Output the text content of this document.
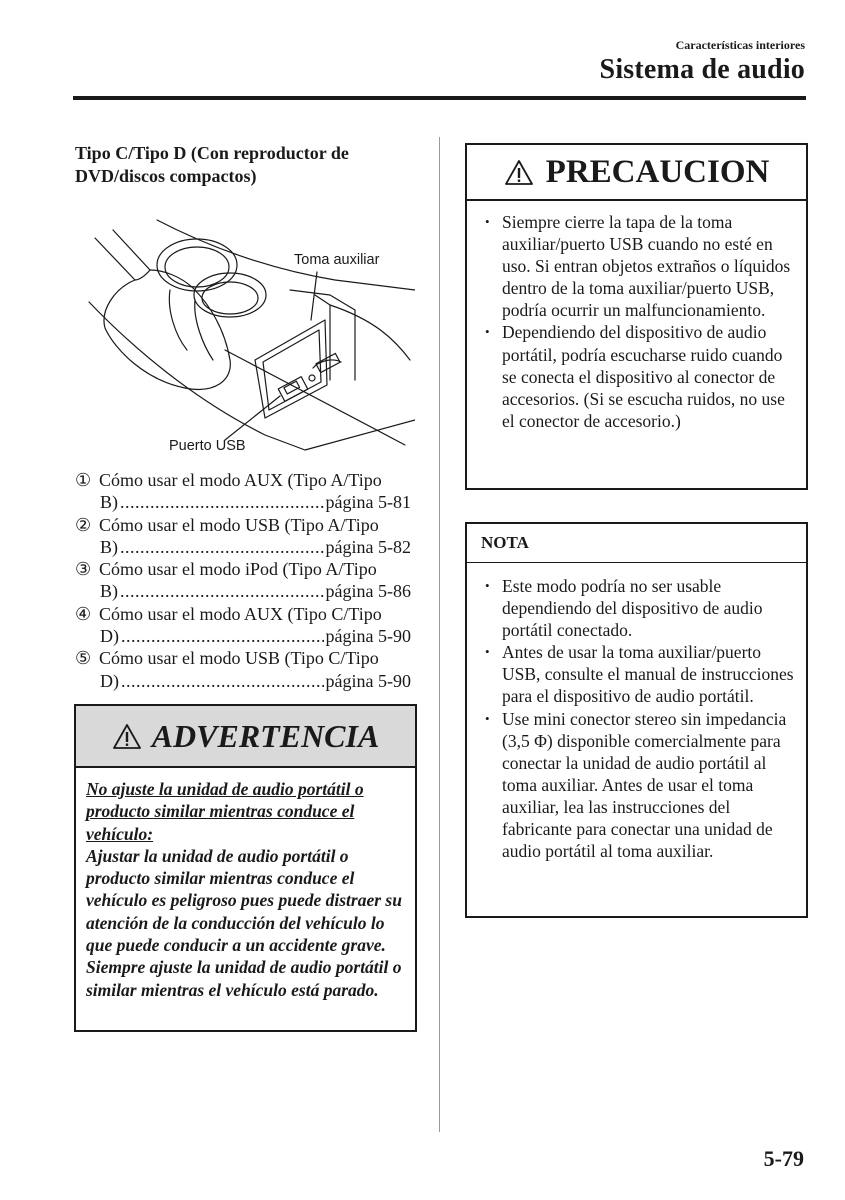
Características interiores
Sistema de audio
Tipo C/Tipo D (Con reproductor de DVD/discos compactos)
Toma auxiliar
Puerto USB
① Cómo usar el modo AUX (Tipo A/Tipo
B) .....	página 5-81
② Cómo usar el modo USB (Tipo A/Tipo
B) .....	página 5-82
③ Cómo usar el modo iPod (Tipo A/Tipo
B) .....	página 5-86
④ Cómo usar el modo AUX (Tipo C/Tipo
D) .....	página 5-90
⑤ Cómo usar el modo USB (Tipo C/Tipo
D) .....	página 5-90
ADVERTENCIA
No ajuste la unidad de audio portátil o producto similar mientras conduce el vehículo:
Ajustar la unidad de audio portátil o producto similar mientras conduce el vehículo es peligroso pues puede distraer su atención de la conducción del vehículo lo que puede conducir a un accidente grave. Siempre ajuste la unidad de audio portátil o similar mientras el vehículo está parado.
PRECAUCION
• Siempre cierre la tapa de la toma auxiliar/puerto USB cuando no esté en uso. Si entran objetos extraños o líquidos dentro de la toma auxiliar/puerto USB, podría ocurrir un malfuncionamiento.
• Dependiendo del dispositivo de audio portátil, podría escucharse ruido cuando se conecta el dispositivo al conector de accesorios. (Si se escucha ruidos, no use el conector de accesorio.)
NOTA
• Este modo podría no ser usable dependiendo del dispositivo de audio portátil conectado.
• Antes de usar la toma auxiliar/puerto USB, consulte el manual de instrucciones para el dispositivo de audio portátil.
• Use mini conector stereo sin impedancia (3,5 Φ) disponible comercialmente para conectar la unidad de audio portátil al toma auxiliar. Antes de usar el toma auxiliar, lea las instrucciones del fabricante para conectar una unidad de audio portátil al toma auxiliar.
5-79
